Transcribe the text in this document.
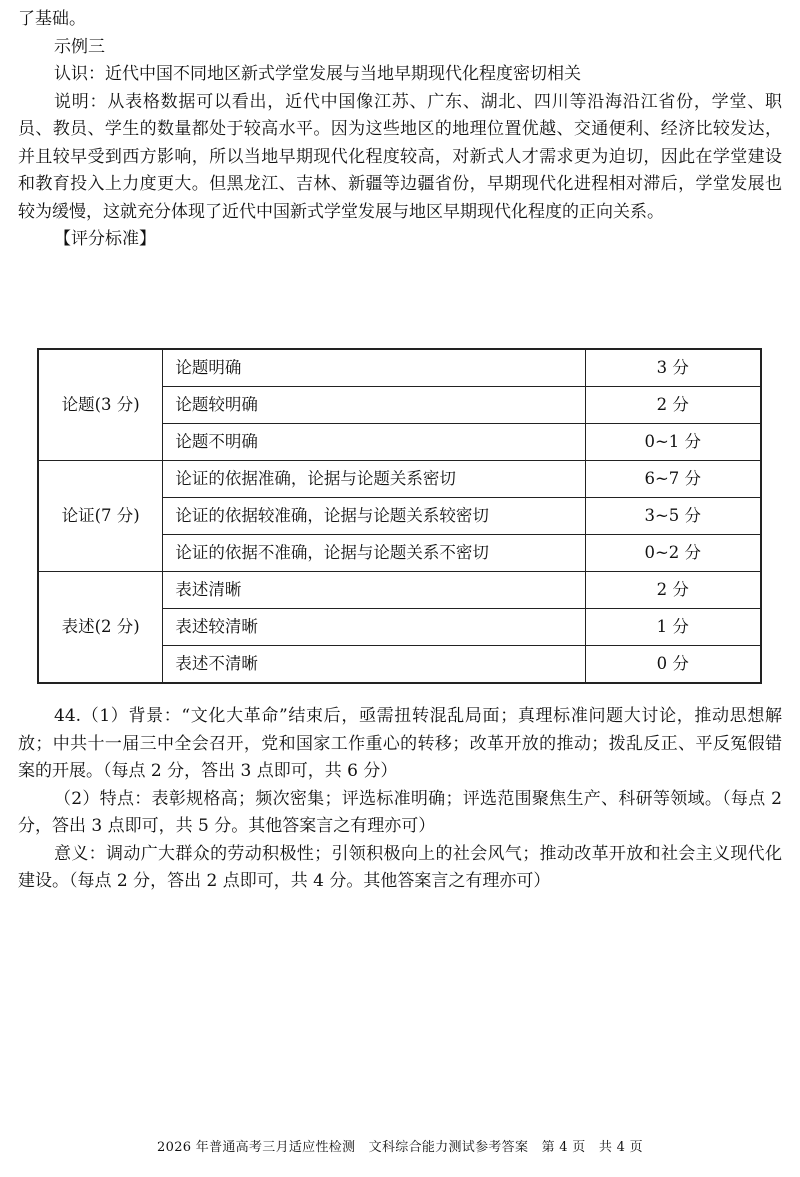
了基础。

示例三

认识：近代中国不同地区新式学堂发展与当地早期现代化程度密切相关

说明：从表格数据可以看出，近代中国像江苏、广东、湖北、四川等沿海沿江省份，学堂、职员、教员、学生的数量都处于较高水平。因为这些地区的地理位置优越、交通便利、经济比较发达，并且较早受到西方影响，所以当地早期现代化程度较高，对新式人才需求更为迫切，因此在学堂建设和教育投入上力度更大。但黑龙江、吉林、新疆等边疆省份，早期现代化进程相对滞后，学堂发展也较为缓慢，这就充分体现了近代中国新式学堂发展与地区早期现代化程度的正向关系。

【评分标准】

论题(3 分)	论题明确	3 分
	论题较明确	2 分
	论题不明确	0~1 分
论证(7 分)	论证的依据准确，论据与论题关系密切	6~7 分
	论证的依据较准确，论据与论题关系较密切	3~5 分
	论证的依据不准确，论据与论题关系不密切	0~2 分
表述(2 分)	表述清晰	2 分
	表述较清晰	1 分
	表述不清晰	0 分

44.（1）背景：“文化大革命”结束后，亟需扭转混乱局面；真理标准问题大讨论，推动思想解放；中共十一届三中全会召开，党和国家工作重心的转移；改革开放的推动；拨乱反正、平反冤假错案的开展。（每点 2 分，答出 3 点即可，共 6 分）

（2）特点：表彰规格高；频次密集；评选标准明确；评选范围聚焦生产、科研等领域。（每点 2 分，答出 3 点即可，共 5 分。其他答案言之有理亦可）

意义：调动广大群众的劳动积极性；引领积极向上的社会风气；推动改革开放和社会主义现代化建设。（每点 2 分，答出 2 点即可，共 4 分。其他答案言之有理亦可）

2026 年普通高考三月适应性检测　文科综合能力测试参考答案　第 4 页　共 4 页
